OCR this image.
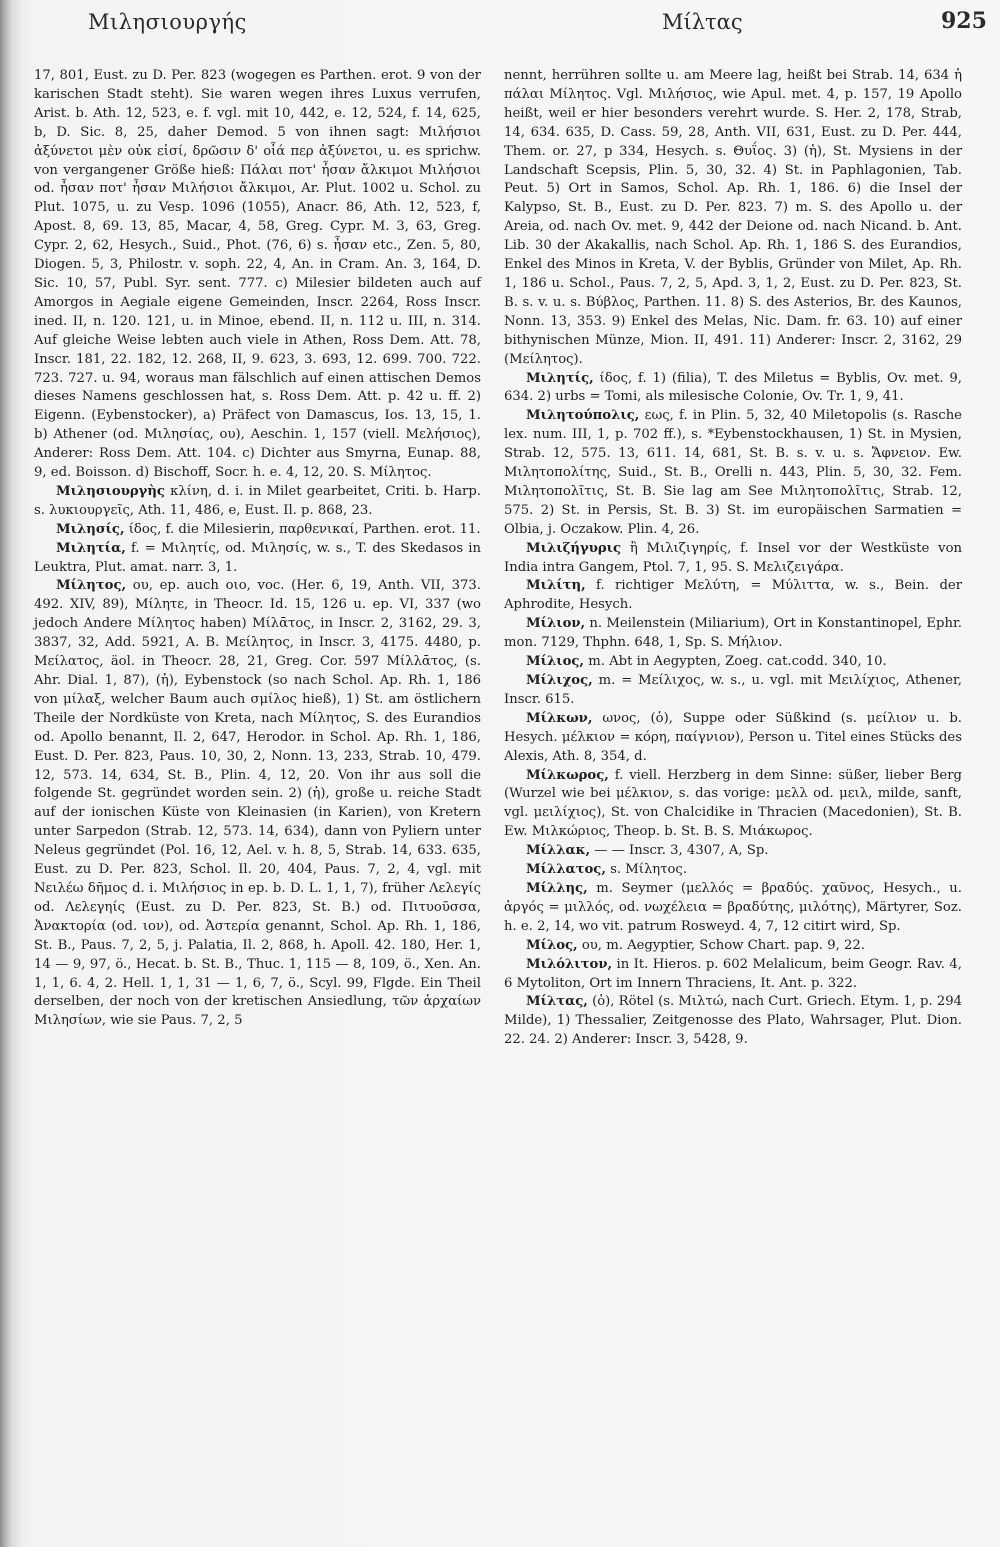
Μιλησιουργής	Μίλτας	925

17, 801, Eust. zu D. Per. 823 (wogegen es Parthen. erot. 9 von der karischen Stadt steht). Sie waren wegen ihres Luxus verrufen, Arist. b. Ath. 12, 523, e. f. vgl. mit 10, 442, e. 12, 524, f. 14, 625, b, D. Sic. 8, 25, daher Demod. 5 von ihnen sagt: Μιλήσιοι ἀξύνετοι μὲν οὐκ εἰσί, δρῶσιν δ' οἷά περ ἀξύνετοι, u. es sprichw. von vergangener Größe hieß: Πάλαι ποτ' ἦσαν ἄλκιμοι Μιλήσιοι od. ἦσαν ποτ' ἦσαν Μιλήσιοι ἄλκιμοι, Ar. Plut. 1002 u. Schol. zu Plut. 1075, u. zu Vesp. 1096 (1055), Anacr. 86, Ath. 12, 523, f, Apost. 8, 69. 13, 85, Macar, 4, 58, Greg. Cypr. M. 3, 63, Greg. Cypr. 2, 62, Hesych., Suid., Phot. (76, 6) s. ἦσαν etc., Zen. 5, 80, Diogen. 5, 3, Philostr. v. soph. 22, 4, An. in Cram. An. 3, 164, D. Sic. 10, 57, Publ. Syr. sent. 777. c) Milesier bildeten auch auf Amorgos in Aegiale eigene Gemeinden, Inscr. 2264, Ross Inscr. ined. II, n. 120. 121, u. in Minoe, ebend. II, n. 112 u. III, n. 314. Auf gleiche Weise lebten auch viele in Athen, Ross Dem. Att. 78, Inscr. 181, 22. 182, 12. 268, II, 9. 623, 3. 693, 12. 699. 700. 722. 723. 727. u. 94, woraus man fälschlich auf einen attischen Demos dieses Namens geschlossen hat, s. Ross Dem. Att. p. 42 u. ff. 2) Eigenn. (Eybenstocker), a) Präfect von Damascus, Ios. 13, 15, 1. b) Athener (od. Μιλησίας, ου), Aeschin. 1, 157 (viell. Μελήσιος), Anderer: Ross Dem. Att. 104. c) Dichter aus Smyrna, Eunap. 88, 9, ed. Boisson. d) Bischoff, Socr. h. e. 4, 12, 20. S. Μίλητος.

Μιλησιουργὴς κλίνη, d. i. in Milet gearbeitet, Criti. b. Harp. s. λυκιουργεῖς, Ath. 11, 486, e, Eust. Il. p. 868, 23.

Μιλησίς, ίδος, f. die Milesierin, παρθενικαί, Parthen. erot. 11.

Μιλητία, f. = Μιλητίς, od. Μιλησίς, w. s., T. des Skedasos in Leuktra, Plut. amat. narr. 3, 1.

Μίλητος, ου, ep. auch οιο, voc. (Her. 6, 19, Anth. VII, 373. 492. XIV, 89), Μίλητε, in Theocr. Id. 15, 126 u. ep. VI, 337 (wo jedoch Andere Μίλητος haben) Μίλᾱτος, in Inscr. 2, 3162, 29. 3, 3837, 32, Add. 5921, A. B. Μείλητος, in Inscr. 3, 4175. 4480, p. Μείλατος, äol. in Theocr. 28, 21, Greg. Cor. 597 Μίλλᾱτος, (s. Ahr. Dial. 1, 87), (ἡ), Eybenstock (so nach Schol. Ap. Rh. 1, 186 von μίλαξ, welcher Baum auch σμίλος hieß), 1) St. am östlichern Theile der Nordküste von Kreta, nach Μίλητος, S. des Eurandios od. Apollo benannt, Il. 2, 647, Herodor. in Schol. Ap. Rh. 1, 186, Eust. D. Per. 823, Paus. 10, 30, 2, Nonn. 13, 233, Strab. 10, 479. 12, 573. 14, 634, St. B., Plin. 4, 12, 20. Von ihr aus soll die folgende St. gegründet worden sein. 2) (ἡ), große u. reiche Stadt auf der ionischen Küste von Kleinasien (in Karien), von Kretern unter Sarpedon (Strab. 12, 573. 14, 634), dann von Pyliern unter Neleus gegründet (Pol. 16, 12, Ael. v. h. 8, 5, Strab. 14, 633. 635, Eust. zu D. Per. 823, Schol. Il. 20, 404, Paus. 7, 2, 4, vgl. mit Νειλέω δῆμος d. i. Μιλήσιος in ep. b. D. L. 1, 1, 7), früher Λελεγίς od. Λελεγηίς (Eust. zu D. Per. 823, St. B.) od. Πιτυοῦσσα, Ἀνακτορία (od. ιον), od. Ἀστερία genannt, Schol. Ap. Rh. 1, 186, St. B., Paus. 7, 2, 5, j. Palatia, Il. 2, 868, h. Apoll. 42. 180, Her. 1, 14 — 9, 97, ö., Hecat. b. St. B., Thuc. 1, 115 — 8, 109, ö., Xen. An. 1, 1, 6. 4, 2. Hell. 1, 1, 31 — 1, 6, 7, ö., Scyl. 99, Flgde. Ein Theil derselben, der noch von der kretischen Ansiedlung, τῶν ἀρχαίων Μιλησίων, wie sie Paus. 7, 2, 5

nennt, herrühren sollte u. am Meere lag, heißt bei Strab. 14, 634 ἡ πάλαι Μίλητος. Vgl. Μιλήσιος, wie Apul. met. 4, p. 157, 19 Apollo heißt, weil er hier besonders verehrt wurde. S. Her. 2, 178, Strab, 14, 634. 635, D. Cass. 59, 28, Anth. VII, 631, Eust. zu D. Per. 444, Them. or. 27, p 334, Hesych. s. Θυΐος. 3) (ἡ), St. Mysiens in der Landschaft Scepsis, Plin. 5, 30, 32. 4) St. in Paphlagonien, Tab. Peut. 5) Ort in Samos, Schol. Ap. Rh. 1, 186. 6) die Insel der Kalypso, St. B., Eust. zu D. Per. 823. 7) m. S. des Apollo u. der Areia, od. nach Ov. met. 9, 442 der Deione od. nach Nicand. b. Ant. Lib. 30 der Akakallis, nach Schol. Ap. Rh. 1, 186 S. des Eurandios, Enkel des Minos in Kreta, V. der Byblis, Gründer von Milet, Ap. Rh. 1, 186 u. Schol., Paus. 7, 2, 5, Apd. 3, 1, 2, Eust. zu D. Per. 823, St. B. s. v. u. s. Βύβλος, Parthen. 11. 8) S. des Asterios, Br. des Kaunos, Nonn. 13, 353. 9) Enkel des Melas, Nic. Dam. fr. 63. 10) auf einer bithynischen Münze, Mion. II, 491. 11) Anderer: Inscr. 2, 3162, 29 (Μείλητος).

Μιλητίς, ίδος, f. 1) (filia), T. des Miletus = Byblis, Ov. met. 9, 634. 2) urbs = Tomi, als milesische Colonie, Ov. Tr. 1, 9, 41.

Μιλητούπολις, εως, f. in Plin. 5, 32, 40 Miletopolis (s. Rasche lex. num. III, 1, p. 702 ff.), s. *Eybenstockhausen, 1) St. in Mysien, Strab. 12, 575. 13, 611. 14, 681, St. B. s. v. u. s. Ἄφνειον. Ew. Μιλητοπολίτης, Suid., St. B., Orelli n. 443, Plin. 5, 30, 32. Fem. Μιλητοπολῖτις, St. B. Sie lag am See Μιλητοπολῖτις, Strab. 12, 575. 2) St. in Persis, St. B. 3) St. im europäischen Sarmatien = Olbia, j. Oczakow. Plin. 4, 26.

Μιλιζήγυρις ἢ Μιλιζιγηρίς, f. Insel vor der Westküste von India intra Gangem, Ptol. 7, 1, 95. S. Μελιζειγάρα.

Μιλίτη, f. richtiger Μελύτη, = Μύλιττα, w. s., Bein. der Aphrodite, Hesych.

Μίλιον, n. Meilenstein (Miliarium), Ort in Konstantinopel, Ephr. mon. 7129, Thphn. 648, 1, Sp. S. Μήλιον.

Μίλιος, m. Abt in Aegypten, Zoeg. cat.codd. 340, 10.

Μίλιχος, m. = Μείλιχος, w. s., u. vgl. mit Μειλίχιος, Athener, Inscr. 615.

Μίλκων, ωνος, (ὁ), Suppe oder Süßkind (s. μείλιον u. b. Hesych. μέλκιον = κόρη, παίγνιον), Person u. Titel eines Stücks des Alexis, Ath. 8, 354, d.

Μίλκωρος, f. viell. Herzberg in dem Sinne: süßer, lieber Berg (Wurzel wie bei μέλκιον, s. das vorige: μελλ od. μειλ, milde, sanft, vgl. μειλίχιος), St. von Chalcidike in Thracien (Macedonien), St. B. Ew. Μιλκώριος, Theop. b. St. B. S. Μιάκωρος.

Μίλλακ, — — Inscr. 3, 4307, A, Sp.

Μίλλατος, s. Μίλητος.

Μίλλης, m. Seymer (μελλός = βραδύς. χαῦνος, Hesych., u. ἀργός = μιλλός, od. νωχέλεια = βραδύτης, μιλότης), Märtyrer, Soz. h. e. 2, 14, wo vit. patrum Rosweyd. 4, 7, 12 citirt wird, Sp.

Μίλος, ου, m. Aegyptier, Schow Chart. pap. 9, 22.

Μιλόλιτον, in It. Hieros. p. 602 Melalicum, beim Geogr. Rav. 4, 6 Mytoliton, Ort im Innern Thraciens, It. Ant. p. 322.

Μίλτας, (ὁ), Rötel (s. Μιλτώ, nach Curt. Griech. Etym. 1, p. 294 Milde), 1) Thessalier, Zeitgenosse des Plato, Wahrsager, Plut. Dion. 22. 24. 2) Anderer: Inscr. 3, 5428, 9.
